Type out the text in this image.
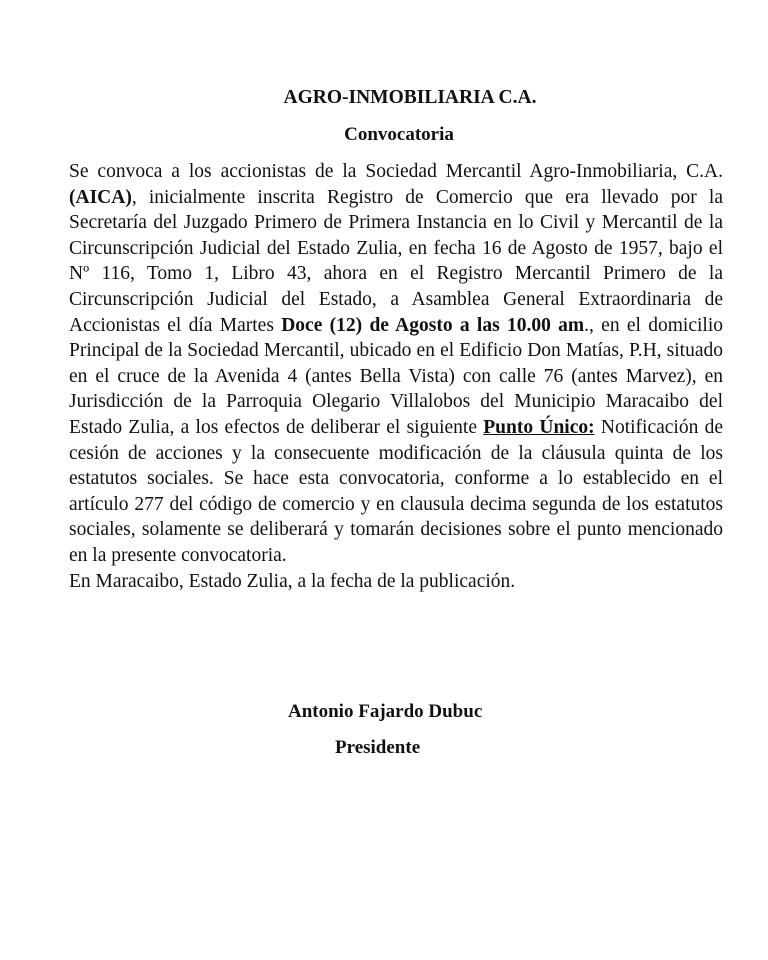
AGRO-INMOBILIARIA C.A.
Convocatoria

Se convoca a los accionistas de la Sociedad Mercantil Agro-Inmobiliaria, C.A. (AICA), inicialmente inscrita Registro de Comercio que era llevado por la Secretaría del Juzgado Primero de Primera Instancia en lo Civil y Mercantil de la Circunscripción Judicial del Estado Zulia, en fecha 16 de Agosto de 1957, bajo el Nº 116, Tomo 1, Libro 43, ahora en el Registro Mercantil Primero de la Circunscripción Judicial del Estado, a Asamblea General Extraordinaria de Accionistas el día Martes Doce (12) de Agosto a las 10.00 am., en el domicilio Principal de la Sociedad Mercantil, ubicado en el Edificio Don Matías, P.H, situado en el cruce de la Avenida 4 (antes Bella Vista) con calle 76 (antes Marvez), en Jurisdicción de la Parroquia Olegario Villalobos del Municipio Maracaibo del Estado Zulia, a los efectos de deliberar el siguiente Punto Único: Notificación de cesión de acciones y la consecuente modificación de la cláusula quinta de los estatutos sociales. Se hace esta convocatoria, conforme a lo establecido en el artículo 277 del código de comercio y en clausula decima segunda de los estatutos sociales, solamente se deliberará y tomarán decisiones sobre el punto mencionado en la presente convocatoria.

En Maracaibo, Estado Zulia, a la fecha de la publicación.

Antonio Fajardo Dubuc

Presidente
